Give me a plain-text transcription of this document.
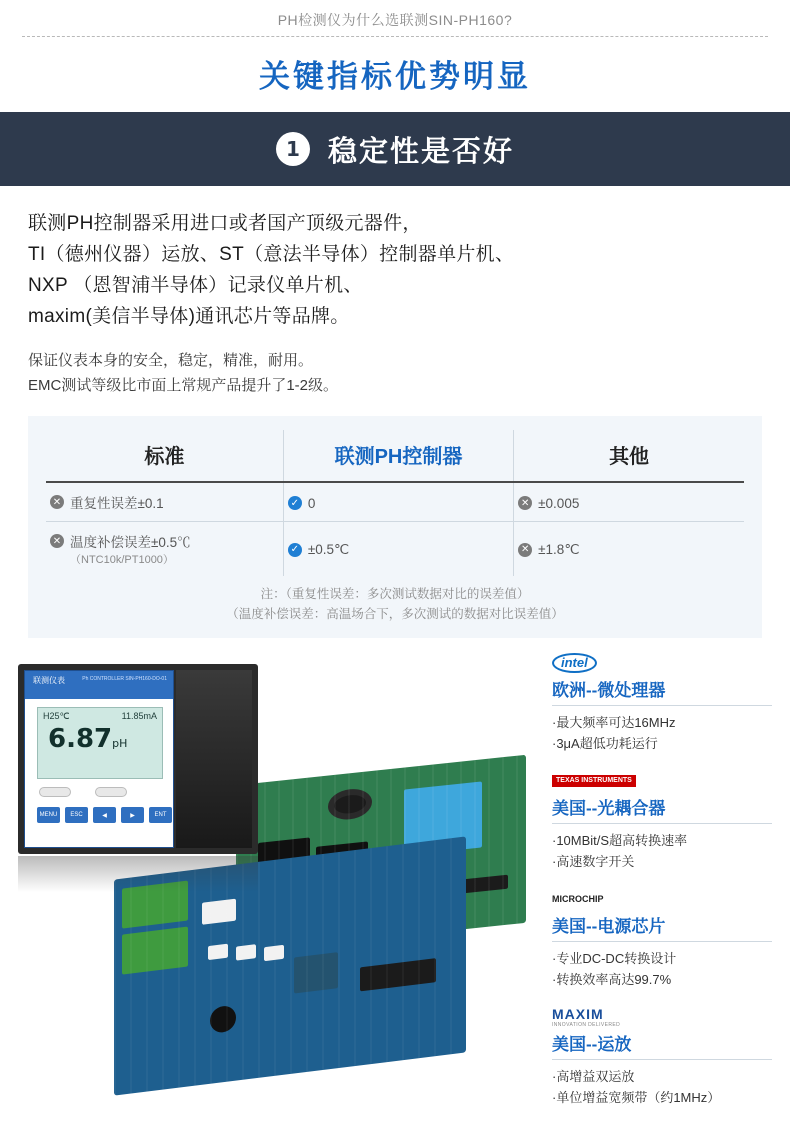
PH检测仪为什么选联测SIN-PH160?
关键指标优势明显
1 稳定性是否好

联测PH控制器采用进口或者国产顶级元器件，

TI（德州仪器）运放、ST（意法半导体）控制器单片机、

NXP （恩智浦半导体）记录仪单片机、

maxim(美信半导体)通讯芯片等品牌。

保证仪表本身的安全，稳定，精准，耐用。

EMC测试等级比市面上常规产品提升了1-2级。

标准	联测PH控制器	其他

✕ 重复性误差±0.1	✓ 0	✕ ±0.005

✕ 温度补偿误差±0.5℃
（NTC10k/PT1000）	✓ ±0.5℃	✕ ±1.8℃
注：（重复性误差：多次测试数据对比的误差值）
（温度补偿误差：高温场合下，多次测试的数据对比误差值）
联测仪表	Ph CONTROLLER SIN-PH160-DO-01
H25℃	11.85mA
6.87pH
MENU	ESC	◀	▶	ENT
intel
欧洲--微处理器
·最大频率可达16MHz
·3μA超低功耗运行
TEXAS INSTRUMENTS
美国--光耦合器
·10MBit/S超高转换速率
·高速数字开关
MICROCHIP
美国--电源芯片
·专业DC-DC转换设计
·转换效率高达99.7%
MAXIM
INNOVATION DELIVERED
美国--运放
·高增益双运放
·单位增益宽频带（约1MHz）
